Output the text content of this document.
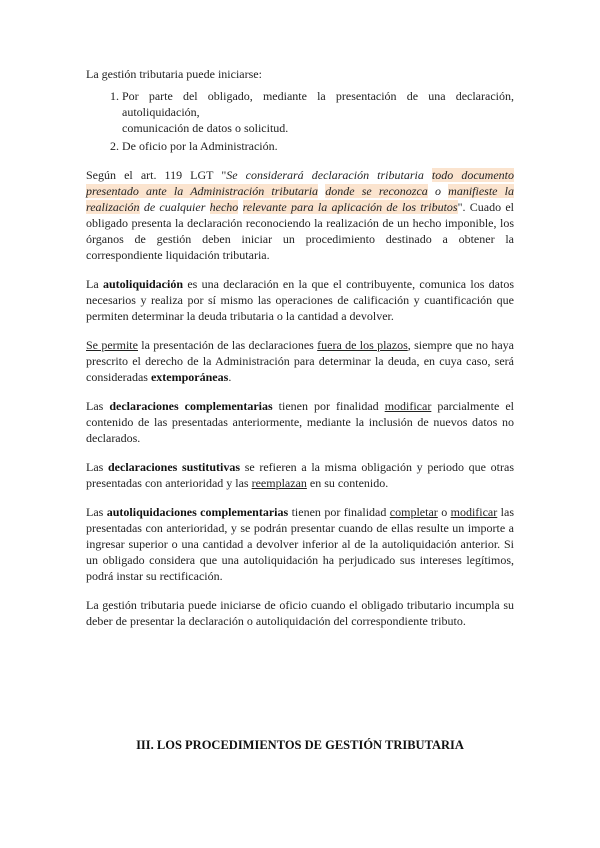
La gestión tributaria puede iniciarse:

1. Por parte del obligado, mediante la presentación de una declaración, autoliquidación,
comunicación de datos o solicitud.
2. De oficio por la Administración.

Según el art. 119 LGT "Se considerará declaración tributaria todo documento presentado ante la Administración tributaria donde se reconozca o manifieste la realización de cualquier hecho relevante para la aplicación de los tributos". Cuado el obligado presenta la declaración reconociendo la realización de un hecho imponible, los órganos de gestión deben iniciar un procedimiento destinado a obtener la correspondiente liquidación tributaria.

La autoliquidación es una declaración en la que el contribuyente, comunica los datos necesarios y realiza por sí mismo las operaciones de calificación y cuantificación que permiten determinar la deuda tributaria o la cantidad a devolver.

Se permite la presentación de las declaraciones fuera de los plazos, siempre que no haya prescrito el derecho de la Administración para determinar la deuda, en cuya caso, será consideradas extemporáneas.

Las declaraciones complementarias tienen por finalidad modificar parcialmente el contenido de las presentadas anteriormente, mediante la inclusión de nuevos datos no declarados.

Las declaraciones sustitutivas se refieren a la misma obligación y periodo que otras presentadas con anterioridad y las reemplazan en su contenido.

Las autoliquidaciones complementarias tienen por finalidad completar o modificar las presentadas con anterioridad, y se podrán presentar cuando de ellas resulte un importe a ingresar superior o una cantidad a devolver inferior al de la autoliquidación anterior. Si un obligado considera que una autoliquidación ha perjudicado sus intereses legítimos, podrá instar su rectificación.

La gestión tributaria puede iniciarse de oficio cuando el obligado tributario incumpla su deber de presentar la declaración o autoliquidación del correspondiente tributo.

III. LOS PROCEDIMIENTOS DE GESTIÓN TRIBUTARIA
